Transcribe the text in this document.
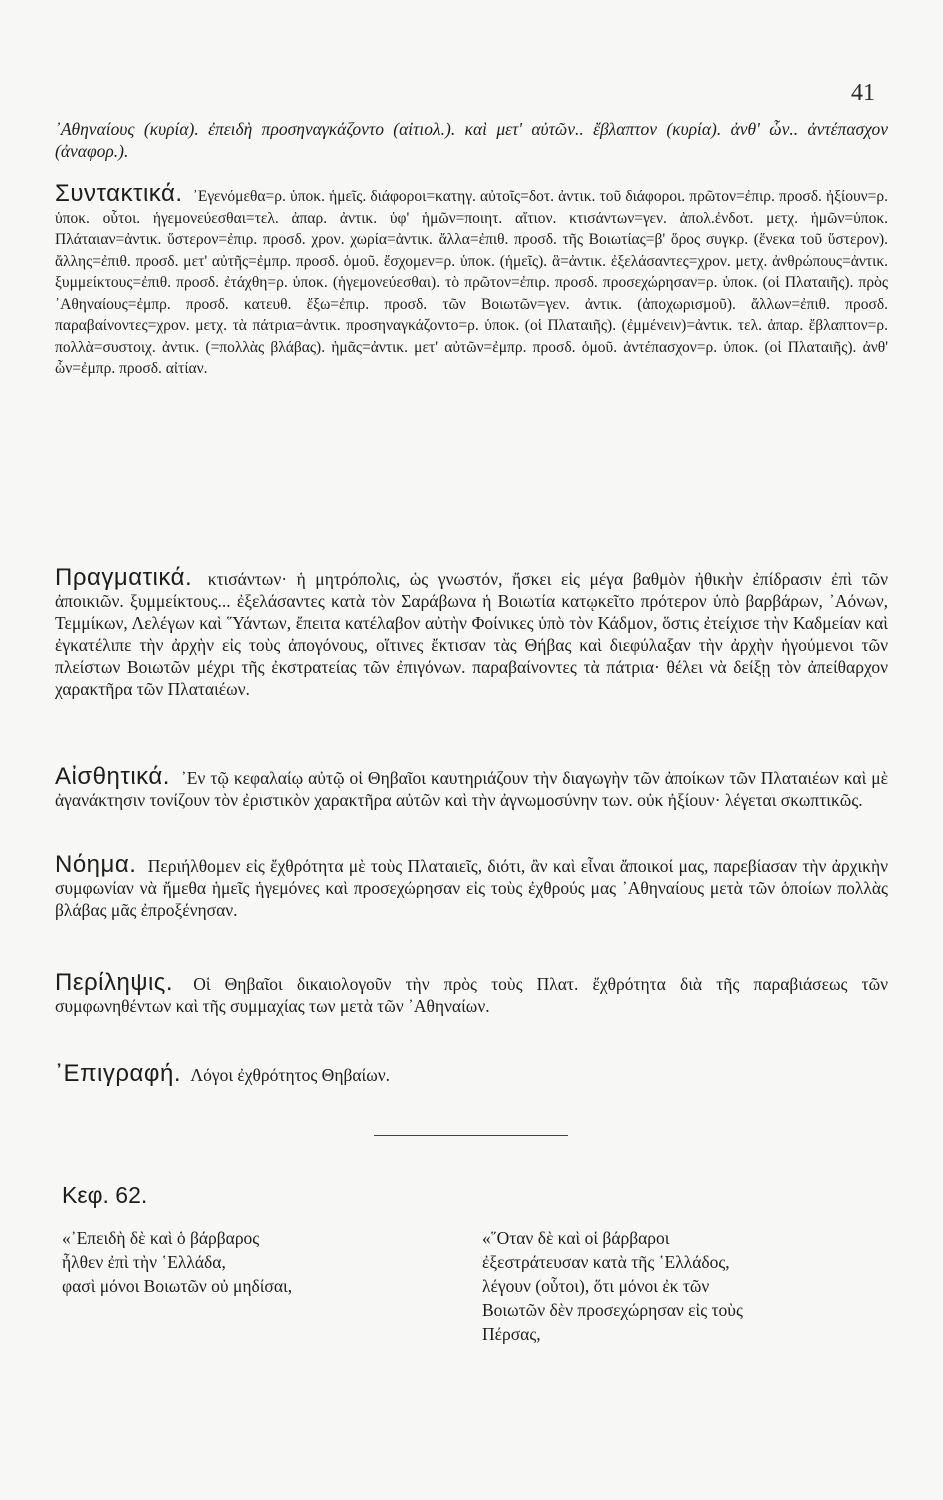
41

᾿Αθηναίους (κυρία). ἐπειδὴ προσηναγκάζοντο (αἰτιολ.). καὶ μετ' αὐτῶν.. ἔβλαπτον (κυρία). ἀνθ' ὧν.. ἀντέπασχον (ἀναφορ.).

Συντακτικά. ᾿Εγενόμεθα=ρ. ὑποκ. ἡμεῖς. διάφοροι=κατηγ. αὐτοῖς=δοτ. ἀντικ. τοῦ διάφοροι. πρῶτον=ἐπιρ. προσδ. ἠξίουν=ρ. ὑποκ. οὗτοι. ἡγεμονεύεσθαι=τελ. ἀπαρ. ἀντικ. ὑφ' ἡμῶν=ποιητ. αἴτιον. κτισάντων=γεν. ἀπολ.ἐνδοτ. μετχ. ἡμῶν=ὑποκ. Πλάταιαν=ἀντικ. ὕστερον=ἐπιρ. προσδ. χρον. χωρία=ἀντικ. ἄλλα=ἐπιθ. προσδ. τῆς Βοιωτίας=β' ὅρος συγκρ. (ἕνεκα τοῦ ὕστερον). ἄλλης=ἐπιθ. προσδ. μετ' αὐτῆς=ἐμπρ. προσδ. ὁμοῦ. ἔσχομεν=ρ. ὑποκ. (ἡμεῖς). ἃ=ἀντικ. ἐξελάσαντες=χρον. μετχ. ἀνθρώπους=ἀντικ. ξυμμείκτους=ἐπιθ. προσδ. ἐτάχθη=ρ. ὑποκ. (ἡγεμονεύεσθαι). τὸ πρῶτον=ἐπιρ. προσδ. προσεχώρησαν=ρ. ὑποκ. (οἱ Πλαταιῆς). πρὸς ᾿Αθηναίους=ἐμπρ. προσδ. κατευθ. ἔξω=ἐπιρ. προσδ. τῶν Βοιωτῶν=γεν. ἀντικ. (ἀποχωρισμοῦ). ἄλλων=ἐπιθ. προσδ. παραβαίνοντες=χρον. μετχ. τὰ πάτρια=ἀντικ. προσηναγκάζοντο=ρ. ὑποκ. (οἱ Πλαταιῆς). (ἐμμένειν)=ἀντικ. τελ. ἀπαρ. ἔβλαπτον=ρ. πολλὰ=συστοιχ. ἀντικ. (=πολλὰς βλάβας). ἡμᾶς=ἀντικ. μετ' αὐτῶν=ἐμπρ. προσδ. ὁμοῦ. ἀντέπασχον=ρ. ὑποκ. (οἱ Πλαταιῆς). ἀνθ' ὧν=ἐμπρ. προσδ. αἰτίαν.

Πραγματικά. κτισάντων· ἡ μητρόπολις, ὡς γνωστόν, ἤσκει εἰς μέγα βαθμὸν ἠθικὴν ἐπίδρασιν ἐπὶ τῶν ἀποικιῶν. ξυμμείκτους... ἐξελάσαντες κατὰ τὸν Σαράβωνα ἡ Βοιωτία κατῳκεῖτο πρότερον ὑπὸ βαρβάρων, ᾿Αόνων, Τεμμίκων, Λελέγων καὶ ῞Υάντων, ἔπειτα κατέλαβον αὐτὴν Φοίνικες ὑπὸ τὸν Κάδμον, ὅστις ἐτείχισε τὴν Καδμείαν καὶ ἐγκατέλιπε τὴν ἀρχὴν εἰς τοὺς ἀπογόνους, οἵτινες ἔκτισαν τὰς Θήβας καὶ διεφύλαξαν τὴν ἀρχὴν ἡγούμενοι τῶν πλείστων Βοιωτῶν μέχρι τῆς ἐκστρατείας τῶν ἐπιγόνων. παραβαίνοντες τὰ πάτρια· θέλει νὰ δείξῃ τὸν ἀπείθαρχον χαρακτῆρα τῶν Πλαταιέων.

Αἰσθητικά. ᾿Εν τῷ κεφαλαίῳ αὐτῷ οἱ Θηβαῖοι καυτηριάζουν τὴν διαγωγὴν τῶν ἀποίκων τῶν Πλαταιέων καὶ μὲ ἀγανάκτησιν τονίζουν τὸν ἐριστικὸν χαρακτῆρα αὐτῶν καὶ τὴν ἀγνωμοσύνην των. οὐκ ἠξίουν· λέγεται σκωπτικῶς.

Νόημα. Περιήλθομεν εἰς ἔχθρότητα μὲ τοὺς Πλαταιεῖς, διότι, ἂν καὶ εἶναι ἄποικοί μας, παρεβίασαν τὴν ἀρχικὴν συμφωνίαν νὰ ἤμεθα ἡμεῖς ἡγεμόνες καὶ προσεχώρησαν εἰς τοὺς ἐχθρούς μας ᾿Αθηναίους μετὰ τῶν ὁποίων πολλὰς βλάβας μᾶς ἐπροξένησαν.

Περίληψις. Οἱ Θηβαῖοι δικαιολογοῦν τὴν πρὸς τοὺς Πλατ. ἔχθρότητα διὰ τῆς παραβιάσεως τῶν συμφωνηθέντων καὶ τῆς συμμαχίας των μετὰ τῶν ᾿Αθηναίων.

᾿Επιγραφή. Λόγοι ἐχθρότητος Θηβαίων.

Κεφ. 62.
«᾿Επειδὴ δὲ καὶ ὁ βάρβαρος
ἦλθεν ἐπὶ τὴν ῾Ελλάδα,
φασὶ μόνοι Βοιωτῶν οὐ μηδίσαι,
«῞Οταν δὲ καὶ οἱ βάρβαροι
ἐξεστράτευσαν κατὰ τῆς ῾Ελλάδος,
λέγουν (οὗτοι), ὅτι μόνοι ἐκ τῶν
Βοιωτῶν δὲν προσεχώρησαν εἰς τοὺς
Πέρσας,
